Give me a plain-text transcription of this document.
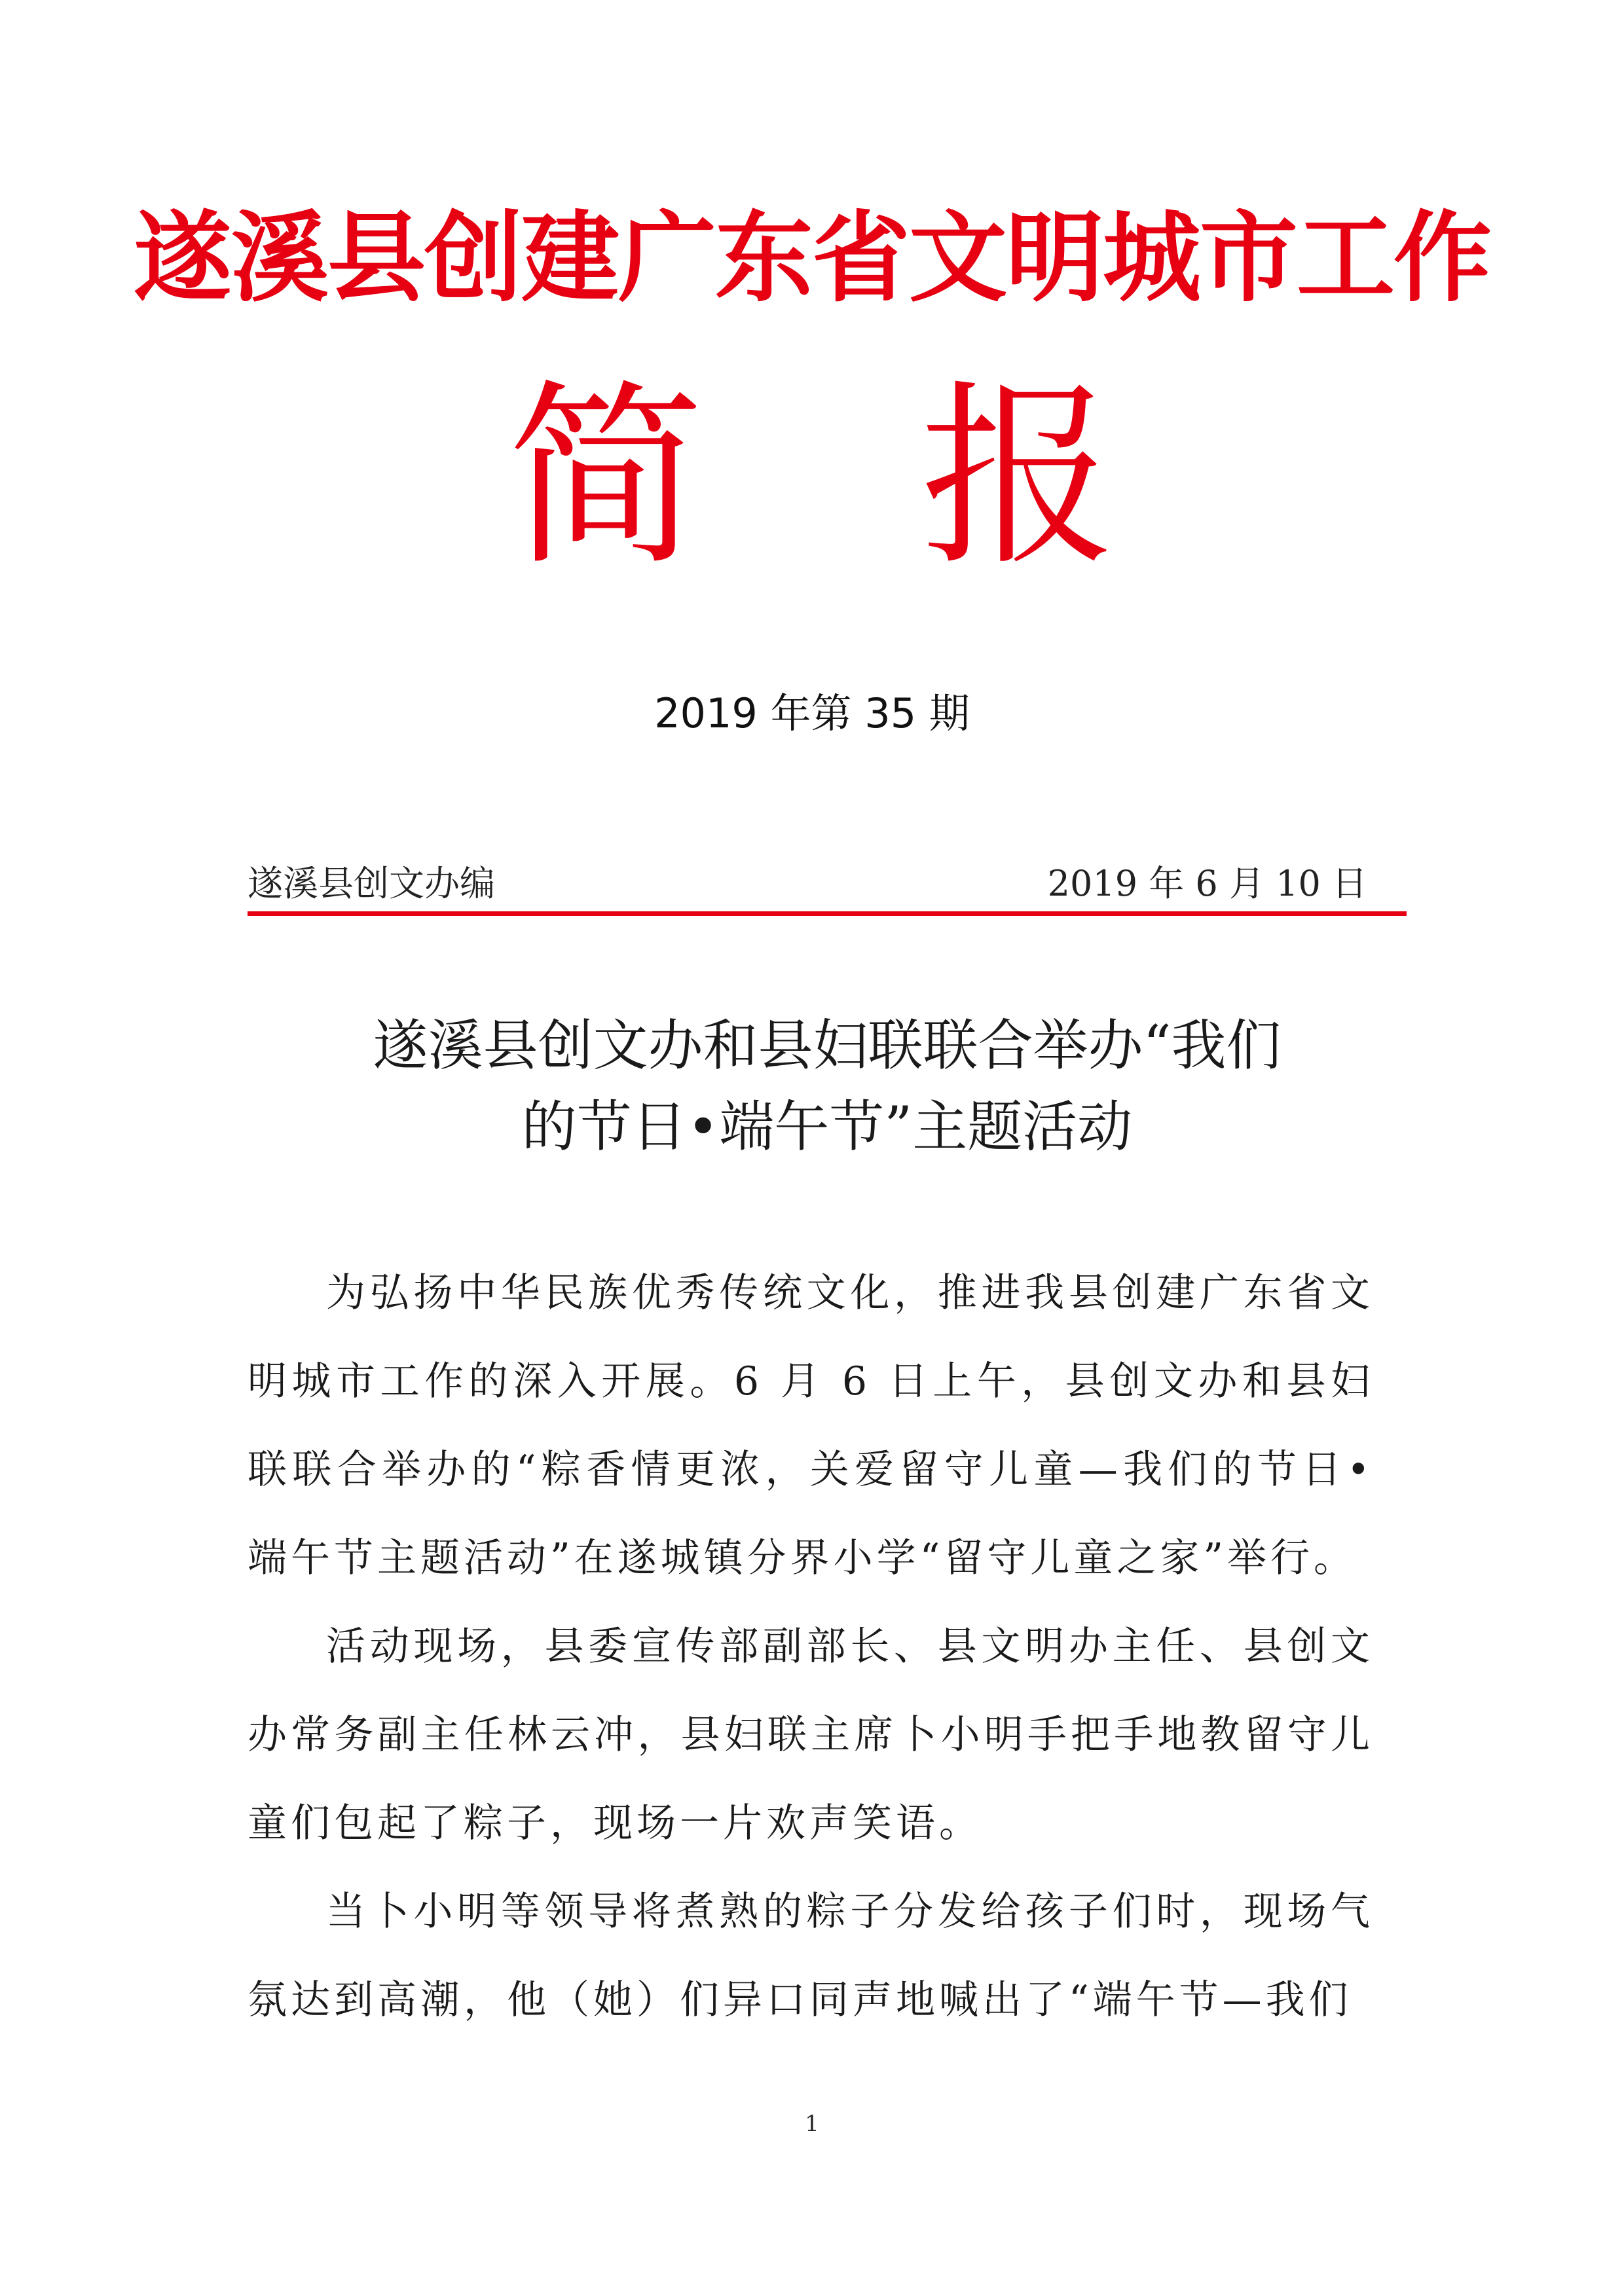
遂溪县创建广东省文明城市工作
简 报
2019 年第 35 期
遂溪县创文办编	2019 年 6 月 10 日
遂溪县创文办和县妇联联合举办“我们
的节日•端午节”主题活动

为弘扬中华民族优秀传统文化，推进我县创建广东省文明城市工作的深入开展。6 月 6 日上午，县创文办和县妇联联合举办的“粽香情更浓，关爱留守儿童—我们的节日•端午节主题活动”在遂城镇分界小学“留守儿童之家”举行。

活动现场，县委宣传部副部长、县文明办主任、县创文办常务副主任林云冲，县妇联主席卜小明手把手地教留守儿童们包起了粽子，现场一片欢声笑语。

当卜小明等领导将煮熟的粽子分发给孩子们时，现场气氛达到高潮，他（她）们异口同声地喊出了“端午节—我们

1
